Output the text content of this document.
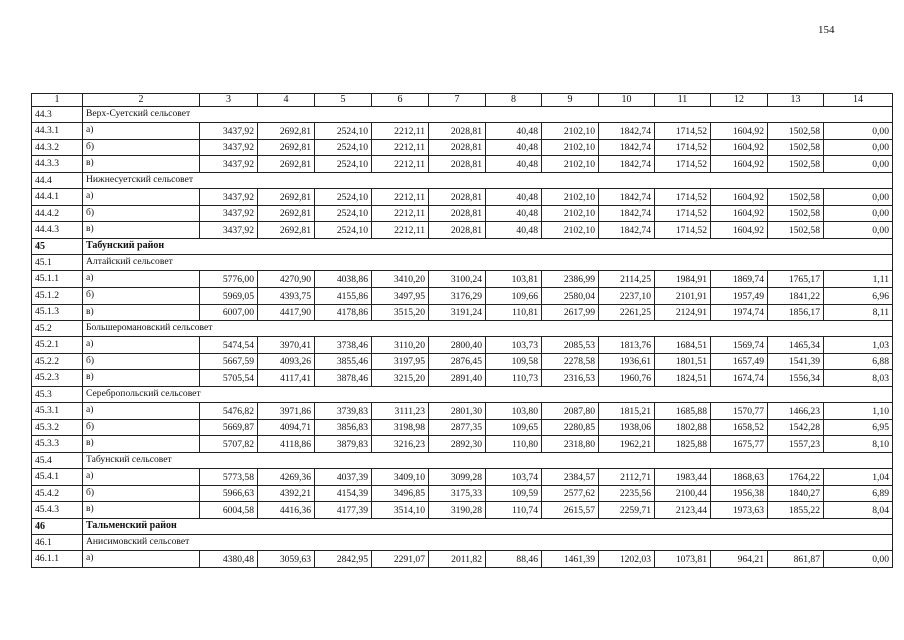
154
1	2	3	4	5	6	7	8	9	10	11	12	13	14
44.3	Верх-Суетский сельсовет												
44.3.1	а)	3437,92	2692,81	2524,10	2212,11	2028,81	40,48	2102,10	1842,74	1714,52	1604,92	1502,58	0,00
44.3.2	б)	3437,92	2692,81	2524,10	2212,11	2028,81	40,48	2102,10	1842,74	1714,52	1604,92	1502,58	0,00
44.3.3	в)	3437,92	2692,81	2524,10	2212,11	2028,81	40,48	2102,10	1842,74	1714,52	1604,92	1502,58	0,00
44.4	Нижнесуетский сельсовет												
44.4.1	а)	3437,92	2692,81	2524,10	2212,11	2028,81	40,48	2102,10	1842,74	1714,52	1604,92	1502,58	0,00
44.4.2	б)	3437,92	2692,81	2524,10	2212,11	2028,81	40,48	2102,10	1842,74	1714,52	1604,92	1502,58	0,00
44.4.3	в)	3437,92	2692,81	2524,10	2212,11	2028,81	40,48	2102,10	1842,74	1714,52	1604,92	1502,58	0,00
45	Табунский район												
45.1	Алтайский сельсовет												
45.1.1	а)	5776,00	4270,90	4038,86	3410,20	3100,24	103,81	2386,99	2114,25	1984,91	1869,74	1765,17	1,11
45.1.2	б)	5969,05	4393,75	4155,86	3497,95	3176,29	109,66	2580,04	2237,10	2101,91	1957,49	1841,22	6,96
45.1.3	в)	6007,00	4417,90	4178,86	3515,20	3191,24	110,81	2617,99	2261,25	2124,91	1974,74	1856,17	8,11
45.2	Большеромановский сельсовет												
45.2.1	а)	5474,54	3970,41	3738,46	3110,20	2800,40	103,73	2085,53	1813,76	1684,51	1569,74	1465,34	1,03
45.2.2	б)	5667,59	4093,26	3855,46	3197,95	2876,45	109,58	2278,58	1936,61	1801,51	1657,49	1541,39	6,88
45.2.3	в)	5705,54	4117,41	3878,46	3215,20	2891,40	110,73	2316,53	1960,76	1824,51	1674,74	1556,34	8,03
45.3	Серебропольский сельсовет												
45.3.1	а)	5476,82	3971,86	3739,83	3111,23	2801,30	103,80	2087,80	1815,21	1685,88	1570,77	1466,23	1,10
45.3.2	б)	5669,87	4094,71	3856,83	3198,98	2877,35	109,65	2280,85	1938,06	1802,88	1658,52	1542,28	6,95
45.3.3	в)	5707,82	4118,86	3879,83	3216,23	2892,30	110,80	2318,80	1962,21	1825,88	1675,77	1557,23	8,10
45.4	Табунский сельсовет												
45.4.1	а)	5773,58	4269,36	4037,39	3409,10	3099,28	103,74	2384,57	2112,71	1983,44	1868,63	1764,22	1,04
45.4.2	б)	5966,63	4392,21	4154,39	3496,85	3175,33	109,59	2577,62	2235,56	2100,44	1956,38	1840,27	6,89
45.4.3	в)	6004,58	4416,36	4177,39	3514,10	3190,28	110,74	2615,57	2259,71	2123,44	1973,63	1855,22	8,04
46	Тальменский район												
46.1	Анисимовский сельсовет												
46.1.1	а)	4380,48	3059,63	2842,95	2291,07	2011,82	88,46	1461,39	1202,03	1073,81	964,21	861,87	0,00
